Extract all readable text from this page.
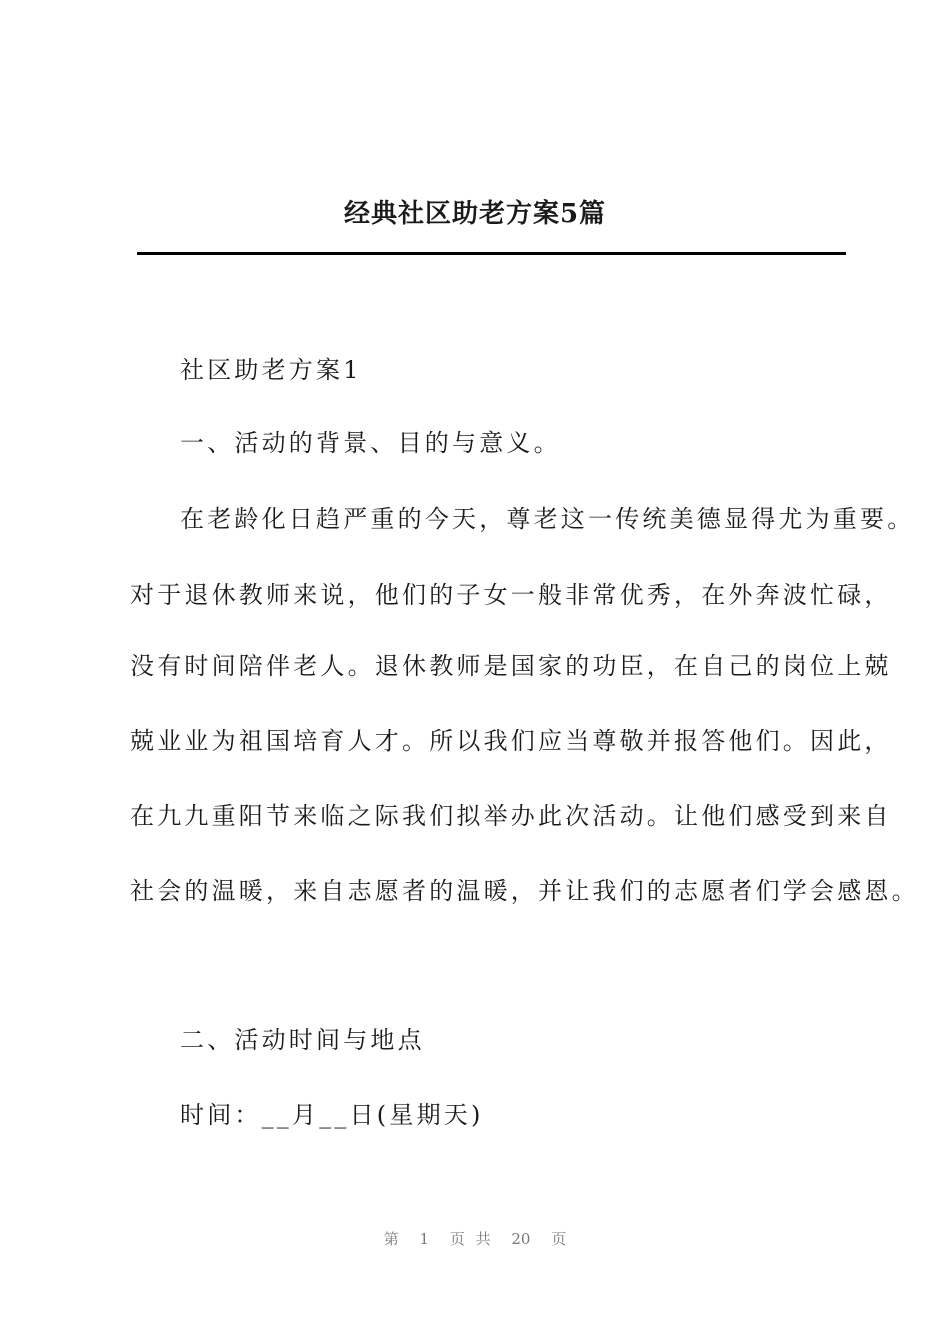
经典社区助老方案5篇
社区助老方案1
一、活动的背景、目的与意义。
在老龄化日趋严重的今天，尊老这一传统美德显得尤为重要。
对于退休教师来说，他们的子女一般非常优秀，在外奔波忙碌，
没有时间陪伴老人。退休教师是国家的功臣，在自己的岗位上兢
兢业业为祖国培育人才。所以我们应当尊敬并报答他们。因此，
在九九重阳节来临之际我们拟举办此次活动。让他们感受到来自
社会的温暖，来自志愿者的温暖，并让我们的志愿者们学会感恩。
二、活动时间与地点
时间：__月__日(星期天)
第 1 页 共 20 页
